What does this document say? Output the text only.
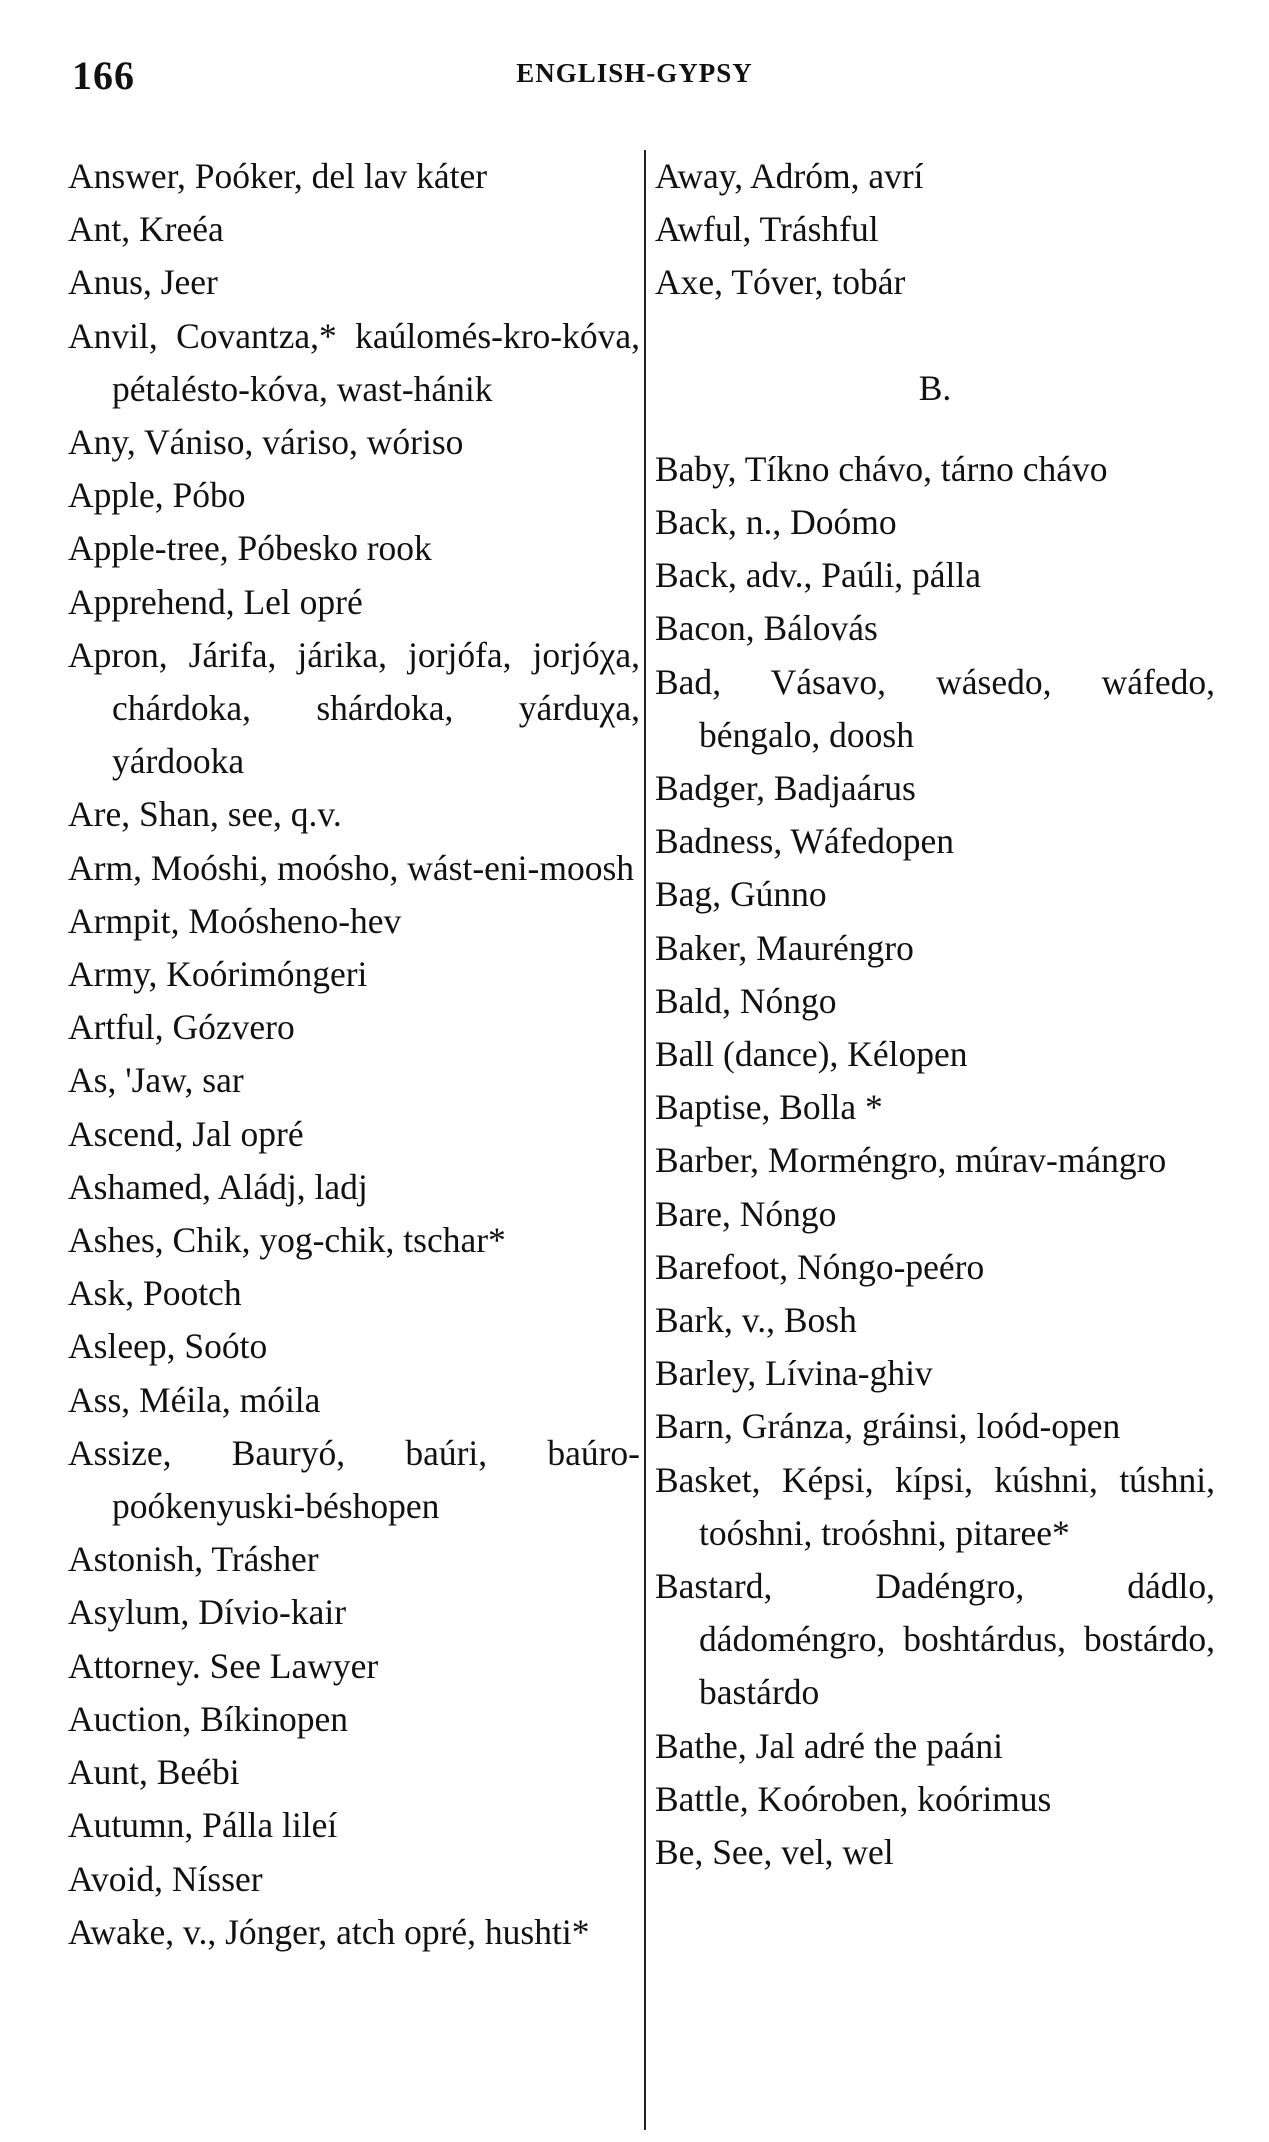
166	ENGLISH-GYPSY
Answer, Poóker, del lav káter
Ant, Kreéa
Anus, Jeer
Anvil, Covantza,* kaúlomés-kro-kóva, pétalésto-kóva, wast-hánik
Any, Vániso, váriso, wóriso
Apple, Póbo
Apple-tree, Póbesko rook
Apprehend, Lel opré
Apron, Járifa, járika, jorjófa, jorjóχa, chárdoka, shárdoka, yárduχa, yárdooka
Are, Shan, see, q.v.
Arm, Moóshi, moósho, wást-eni-moosh
Armpit, Moósheno-hev
Army, Koórimóngeri
Artful, Gózvero
As, 'Jaw, sar
Ascend, Jal opré
Ashamed, Aládj, ladj
Ashes, Chik, yog-chik, tschar*
Ask, Pootch
Asleep, Soóto
Ass, Méila, móila
Assize, Bauryó, baúri, baúro-poókenyuski-béshopen
Astonish, Trásher
Asylum, Dívio-kair
Attorney. See Lawyer
Auction, Bíkinopen
Aunt, Beébi
Autumn, Pálla lileí
Avoid, Nísser
Awake, v., Jónger, atch opré, hushti*
Away, Adróm, avrí
Awful, Tráshful
Axe, Tóver, tobár
B.
Baby, Tíkno chávo, tárno chávo
Back, n., Doómo
Back, adv., Paúli, pálla
Bacon, Bálovás
Bad, Vásavo, wásedo, wáfedo, béngalo, doosh
Badger, Badjaárus
Badness, Wáfedopen
Bag, Gúnno
Baker, Mauréngro
Bald, Nóngo
Ball (dance), Kélopen
Baptise, Bolla *
Barber, Morméngro, múrav-mángro
Bare, Nóngo
Barefoot, Nóngo-peéro
Bark, v., Bosh
Barley, Lívina-ghiv
Barn, Gránza, gráinsi, loód-open
Basket, Képsi, kípsi, kúshni, túshni, toóshni, troóshni, pitaree*
Bastard, Dadéngro, dádlo, dádoméngro, boshtárdus, bostárdo, bastárdo
Bathe, Jal adré the paáni
Battle, Koóroben, koórimus
Be, See, vel, wel
